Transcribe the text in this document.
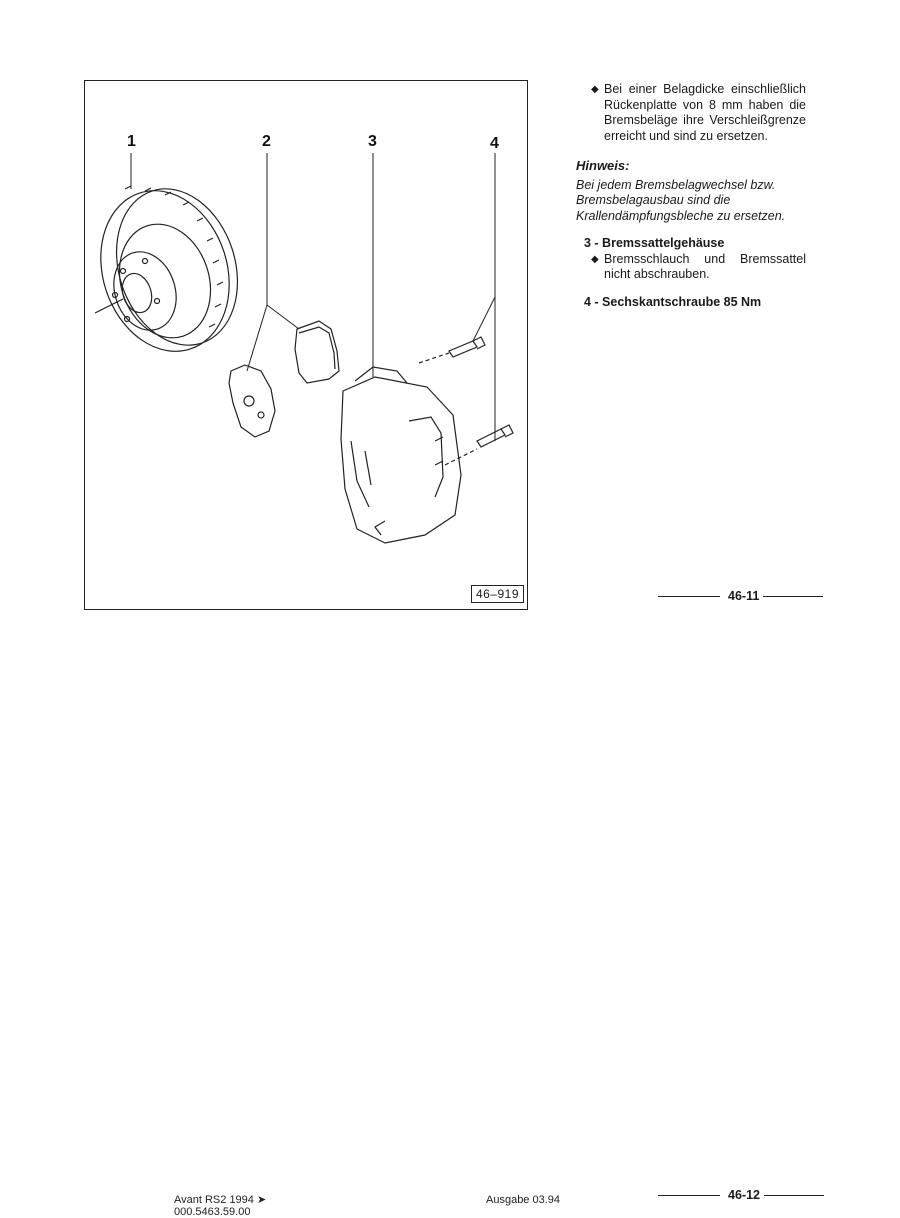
1	2	3	4
46–919
◆ Bei einer Belagdicke einschließlich Rückenplatte von 8 mm haben die Bremsbeläge ihre Verschleißgrenze erreicht und sind zu ersetzen.
Hinweis:
Bei jedem Bremsbelagwechsel bzw. Bremsbelagausbau sind die Krallendämpfungsbleche zu ersetzen.
3 - Bremssattelgehäuse
◆ Bremsschlauch und Bremssattel nicht abschrauben.
4 - Sechskantschraube 85 Nm
46-11
46-12
Avant RS2 1994 ➤
000.5463.59.00
Ausgabe 03.94
